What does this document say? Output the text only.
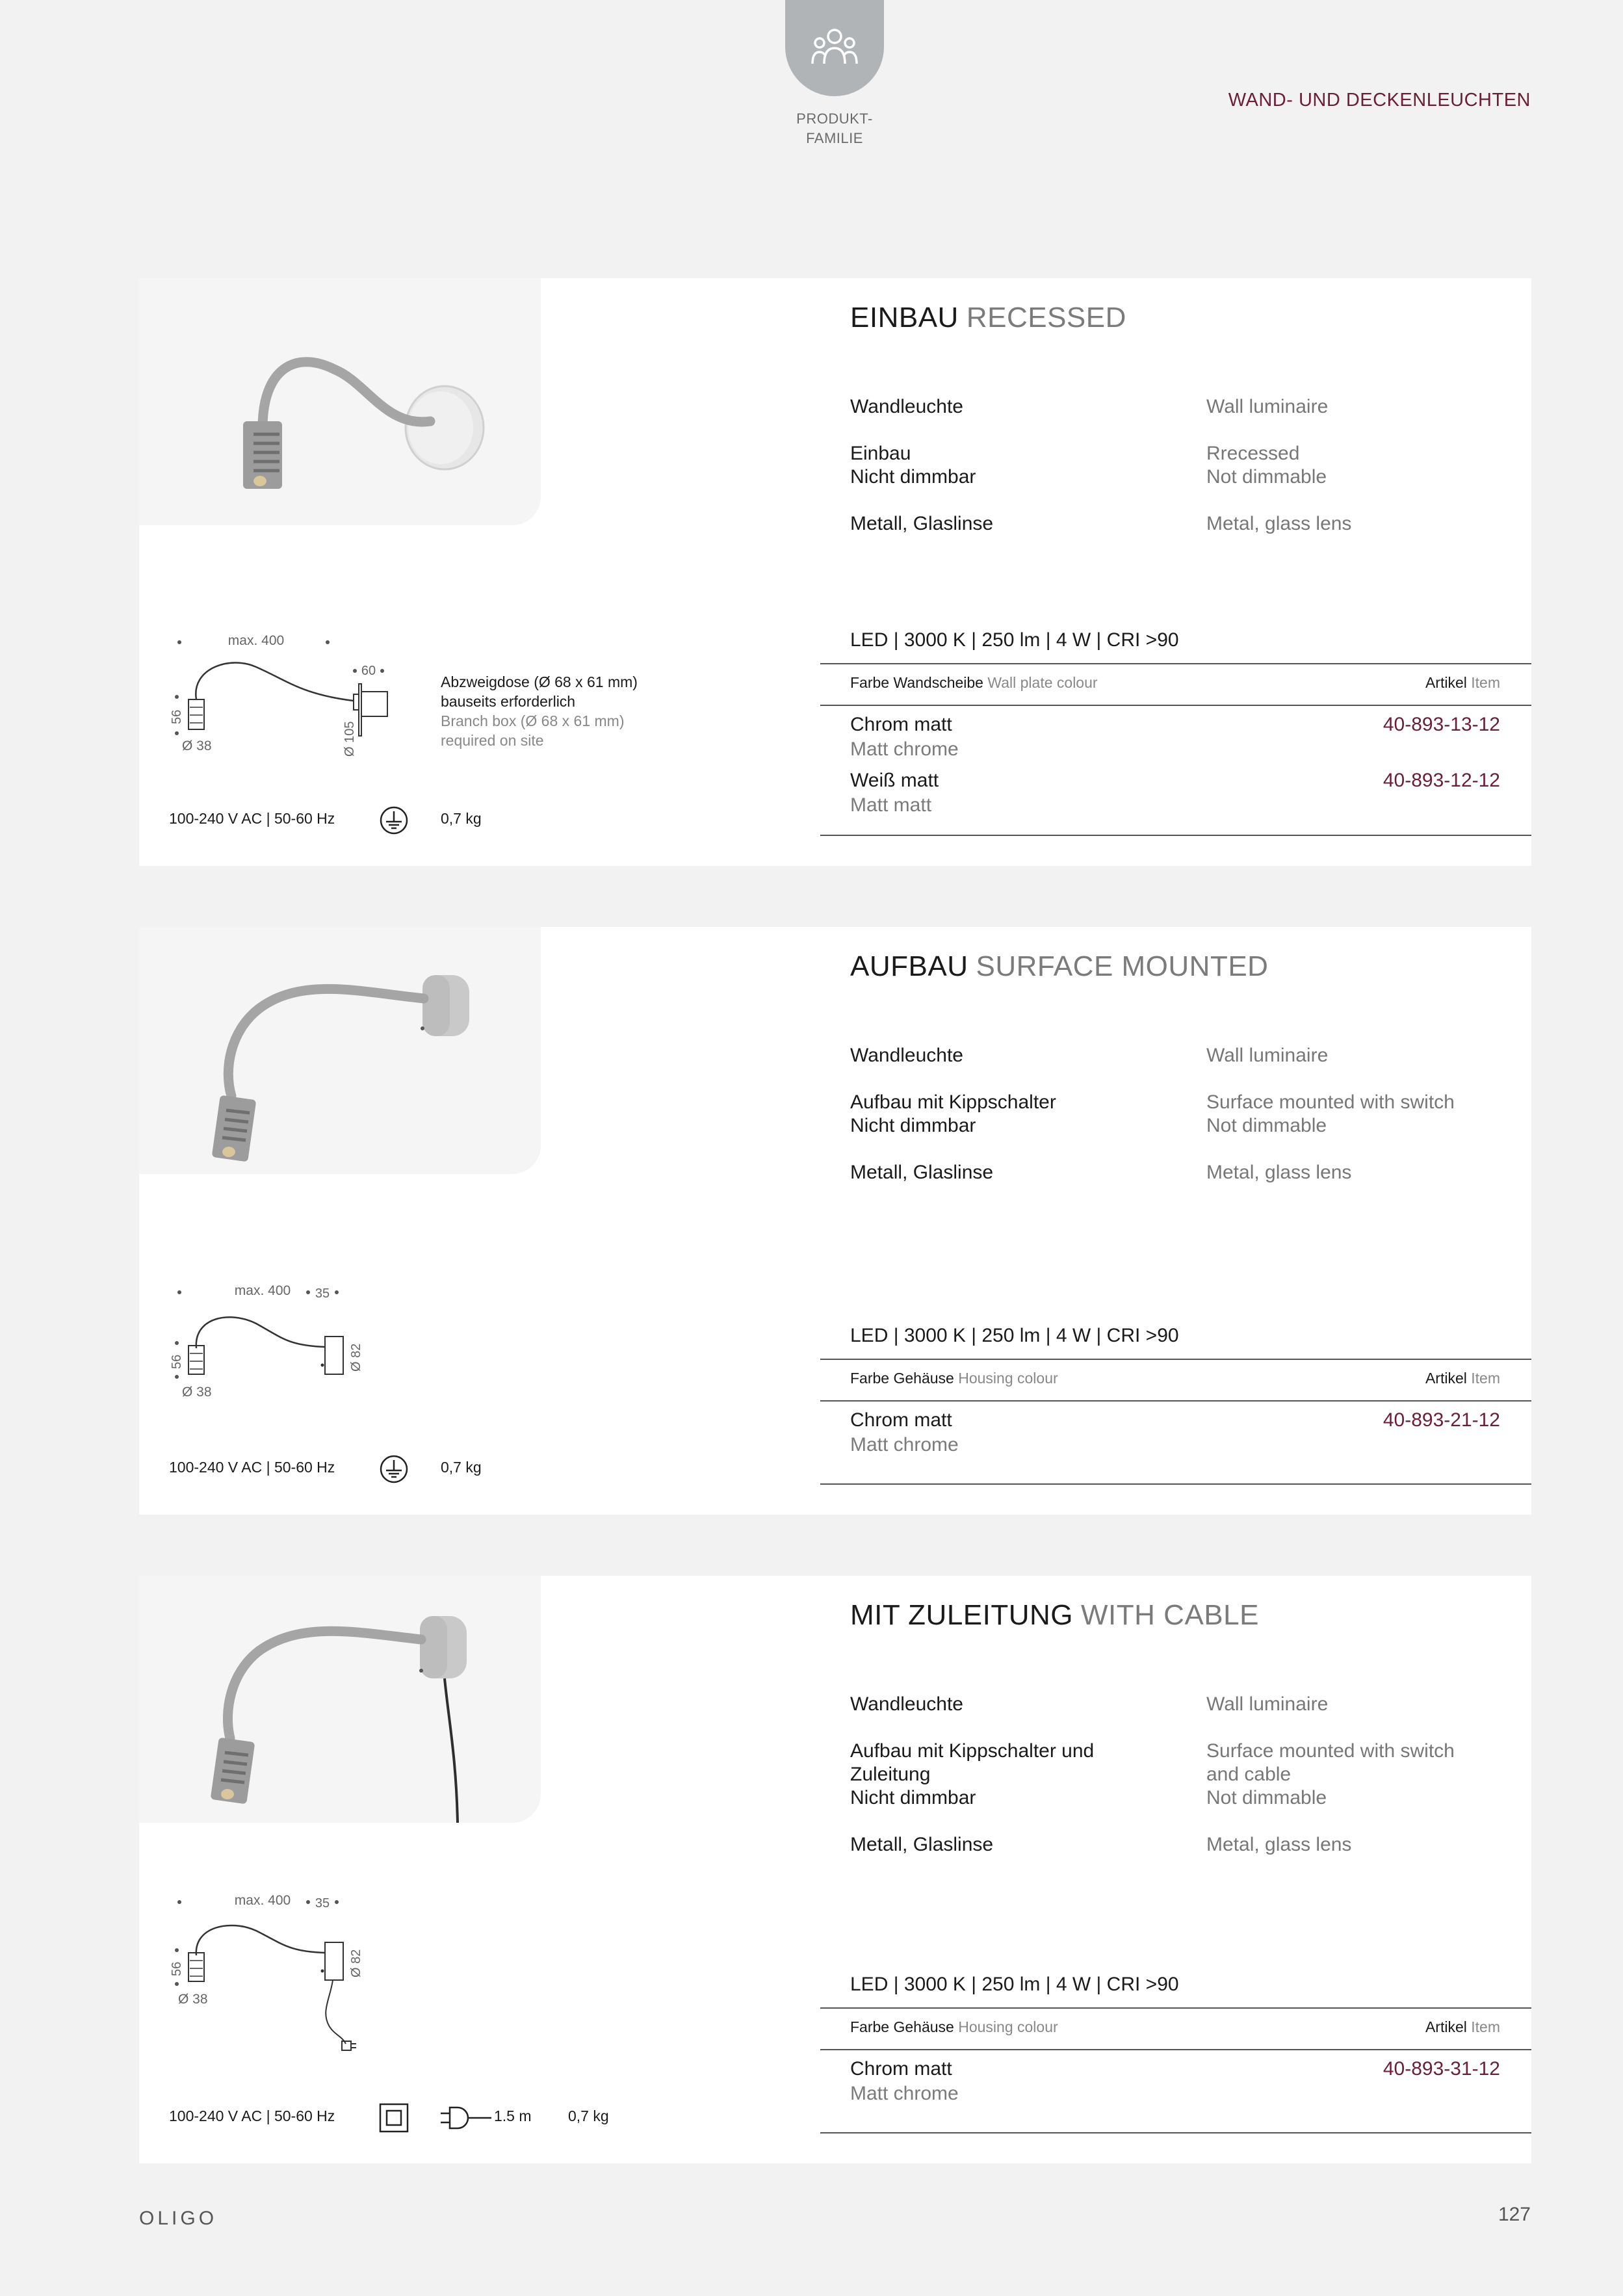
PRODUKT-
FAMILIE
WAND- UND DECKENLEUCHTEN
EINBAU RECESSED
Wandleuchte	Wall luminaire
Einbau	Rrecessed
Nicht dimmbar	Not dimmable
Metall, Glaslinse	Metal, glass lens
LED | 3000 K | 250 lm | 4 W | CRI >90
Farbe Wandscheibe Wall plate colour	Artikel Item
Chrom matt
Matt chrome
40-893-13-12
Weiß matt
Matt matt
40-893-12-12
max. 400
60
56
Ø 38	Ø 105
Abzweigdose (Ø 68 x 61 mm)
bauseits erforderlich
Branch box (Ø 68 x 61 mm)
required on site
100-240 V AC | 50-60 Hz	0,7 kg
AUFBAU SURFACE MOUNTED
Wandleuchte	Wall luminaire
Aufbau mit Kippschalter	Surface mounted with switch
Nicht dimmbar	Not dimmable
Metall, Glaslinse	Metal, glass lens
LED | 3000 K | 250 lm | 4 W | CRI >90
Farbe Gehäuse Housing colour	Artikel Item
Chrom matt
Matt chrome
40-893-21-12
max. 400 35
56
Ø 38
Ø 82
100-240 V AC | 50-60 Hz	0,7 kg
MIT ZULEITUNG WITH CABLE
Wandleuchte	Wall luminaire
Aufbau mit Kippschalter und	Surface mounted with switch
Zuleitung	and cable
Nicht dimmbar	Not dimmable
Metall, Glaslinse	Metal, glass lens
LED | 3000 K | 250 lm | 4 W | CRI >90
Farbe Gehäuse Housing colour	Artikel Item
Chrom matt
Matt chrome
40-893-31-12
max. 400 35
56
Ø 38
Ø 82
100-240 V AC | 50-60 Hz	1.5 m 0,7 kg
OLIGO	127
